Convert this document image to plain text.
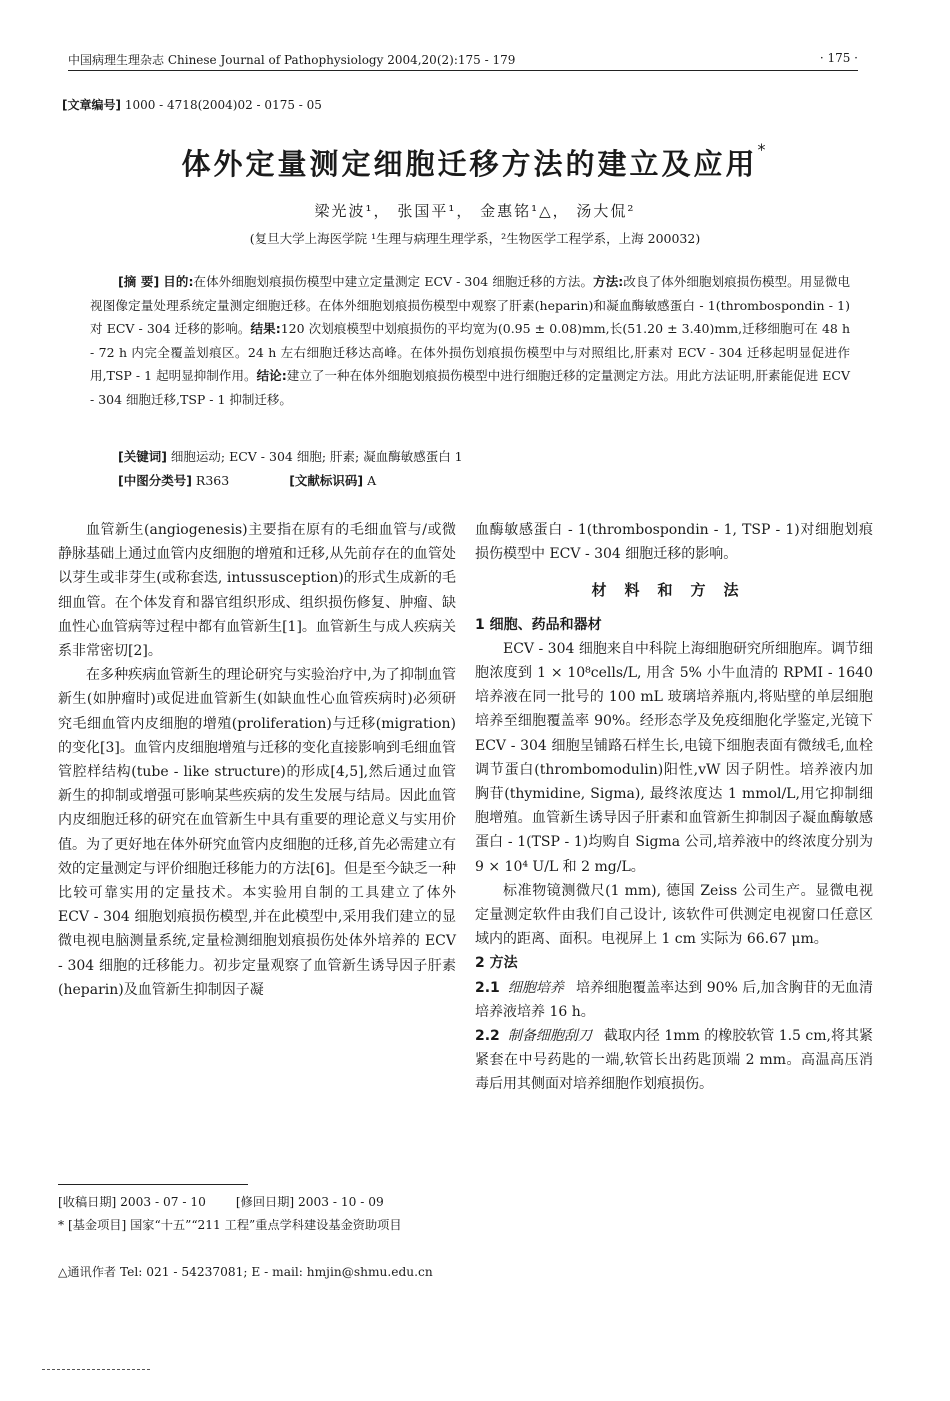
中国病理生理杂志 Chinese Journal of Pathophysiology 2004,20(2):175 - 179	· 175 ·
[文章编号] 1000 - 4718(2004)02 - 0175 - 05
体外定量测定细胞迁移方法的建立及应用*
梁光波¹， 张国平¹， 金惠铭¹△， 汤大侃²
(复旦大学上海医学院 ¹生理与病理生理学系，²生物医学工程学系，上海 200032)
[摘 要] 目的:在体外细胞划痕损伤模型中建立定量测定 ECV - 304 细胞迁移的方法。方法:改良了体外细胞划痕损伤模型。用显微电视图像定量处理系统定量测定细胞迁移。在体外细胞划痕损伤模型中观察了肝素(heparin)和凝血酶敏感蛋白 - 1(thrombospondin - 1)对 ECV - 304 迁移的影响。结果:120 次划痕模型中划痕损伤的平均宽为(0.95 ± 0.08)mm,长(51.20 ± 3.40)mm,迁移细胞可在 48 h - 72 h 内完全覆盖划痕区。24 h 左右细胞迁移达高峰。在体外损伤划痕损伤模型中与对照组比,肝素对 ECV - 304 迁移起明显促进作用,TSP - 1 起明显抑制作用。结论:建立了一种在体外细胞划痕损伤模型中进行细胞迁移的定量测定方法。用此方法证明,肝素能促进 ECV - 304 细胞迁移,TSP - 1 抑制迁移。
[关键词] 细胞运动; ECV - 304 细胞; 肝素; 凝血酶敏感蛋白 1
[中图分类号] R363	[文献标识码] A

血管新生(angiogenesis)主要指在原有的毛细血管与/或微静脉基础上通过血管内皮细胞的增殖和迁移,从先前存在的血管处以芽生或非芽生(或称套迭, intussusception)的形式生成新的毛细血管。在个体发育和器官组织形成、组织损伤修复、肿瘤、缺血性心血管病等过程中都有血管新生[1]。血管新生与成人疾病关系非常密切[2]。

在多种疾病血管新生的理论研究与实验治疗中,为了抑制血管新生(如肿瘤时)或促进血管新生(如缺血性心血管疾病时)必须研究毛细血管内皮细胞的增殖(proliferation)与迁移(migration)的变化[3]。血管内皮细胞增殖与迁移的变化直接影响到毛细血管管腔样结构(tube - like structure)的形成[4,5],然后通过血管新生的抑制或增强可影响某些疾病的发生发展与结局。因此血管内皮细胞迁移的研究在血管新生中具有重要的理论意义与实用价值。为了更好地在体外研究血管内皮细胞的迁移,首先必需建立有效的定量测定与评价细胞迁移能力的方法[6]。但是至今缺乏一种比较可靠实用的定量技术。本实验用自制的工具建立了体外 ECV - 304 细胞划痕损伤模型,并在此模型中,采用我们建立的显微电视电脑测量系统,定量检测细胞划痕损伤处体外培养的 ECV - 304 细胞的迁移能力。初步定量观察了血管新生诱导因子肝素(heparin)及血管新生抑制因子凝

血酶敏感蛋白 - 1(thrombospondin - 1, TSP - 1)对细胞划痕损伤模型中 ECV - 304 细胞迁移的影响。

材料和方法

1 细胞、药品和器材

ECV - 304 细胞来自中科院上海细胞研究所细胞库。调节细胞浓度到 1 × 10⁸cells/L, 用含 5% 小牛血清的 RPMI - 1640 培养液在同一批号的 100 mL 玻璃培养瓶内,将贴壁的单层细胞培养至细胞覆盖率 90%。经形态学及免疫细胞化学鉴定,光镜下 ECV - 304 细胞呈铺路石样生长,电镜下细胞表面有微绒毛,血栓调节蛋白(thrombomodulin)阳性,vW 因子阴性。培养液内加胸苷(thymidine, Sigma), 最终浓度达 1 mmol/L,用它抑制细胞增殖。血管新生诱导因子肝素和血管新生抑制因子凝血酶敏感蛋白 - 1(TSP - 1)均购自 Sigma 公司,培养液中的终浓度分别为 9 × 10⁴ U/L 和 2 mg/L。

标准物镜测微尺(1 mm), 德国 Zeiss 公司生产。显微电视定量测定软件由我们自己设计, 该软件可供测定电视窗口任意区域内的距离、面积。电视屏上 1 cm 实际为 66.67 μm。

2 方法

2.1 细胞培养 培养细胞覆盖率达到 90% 后,加含胸苷的无血清培养液培养 16 h。

2.2 制备细胞刮刀 截取内径 1mm 的橡胶软管 1.5 cm,将其紧紧套在中号药匙的一端,软管长出药匙顶端 2 mm。高温高压消毒后用其侧面对培养细胞作划痕损伤。

[收稿日期] 2003 - 07 - 10 [修回日期] 2003 - 10 - 09
* [基金项目] 国家“十五”“211 工程”重点学科建设基金资助项目
△通讯作者 Tel: 021 - 54237081; E - mail: hmjin@shmu.edu.cn
